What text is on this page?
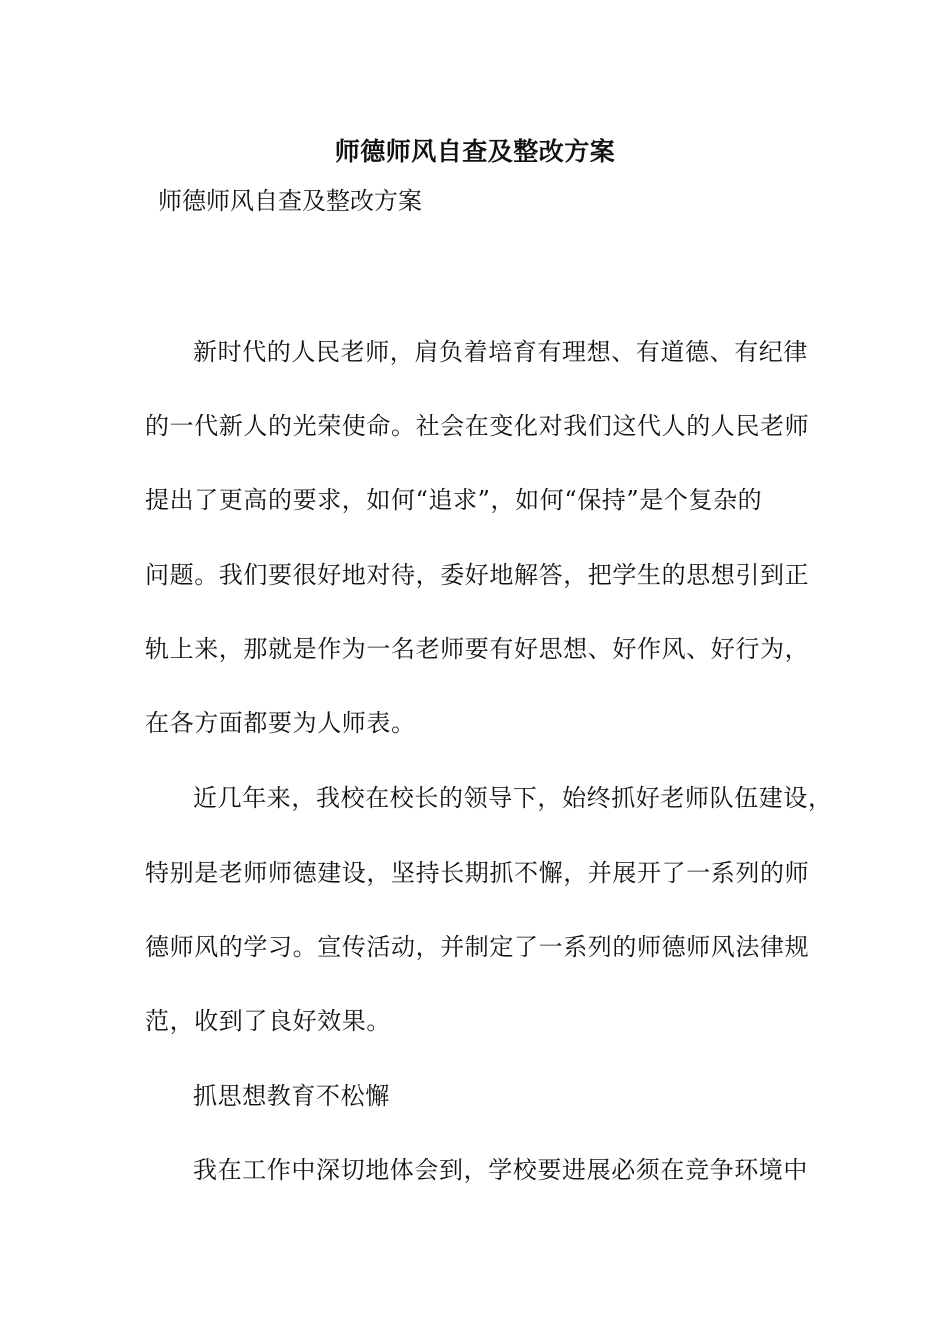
师德师风自查及整改方案
师德师风自查及整改方案
新时代的人民老师，肩负着培育有理想、有道德、有纪律
的一代新人的光荣使命。社会在变化对我们这代人的人民老师
提出了更高的要求，如何“追求”，如何“保持”是个复杂的
问题。我们要很好地对待，委好地解答，把学生的思想引到正
轨上来，那就是作为一名老师要有好思想、好作风、好行为，
在各方面都要为人师表。
近几年来，我校在校长的领导下，始终抓好老师队伍建设，
特别是老师师德建设，坚持长期抓不懈，并展开了一系列的师
德师风的学习。宣传活动，并制定了一系列的师德师风法律规
范，收到了良好效果。
抓思想教育不松懈
我在工作中深切地体会到，学校要进展必须在竞争环境中
